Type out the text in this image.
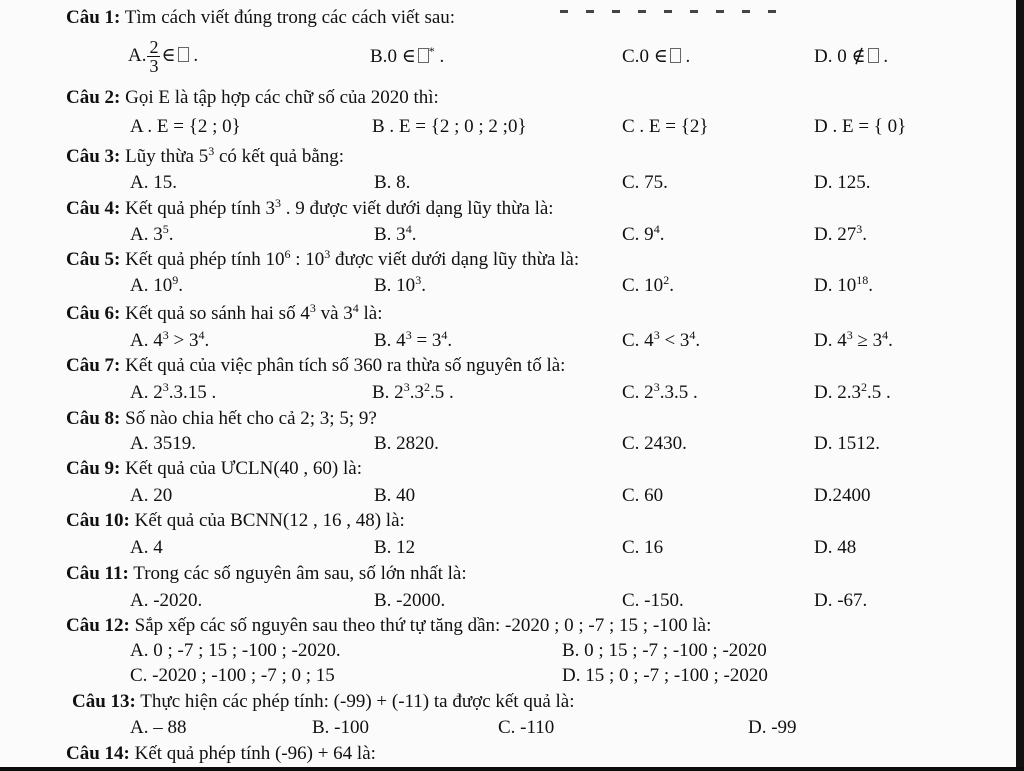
Câu 1: Tìm cách viết đúng trong các cách viết sau:
A. $\frac{2}{3}$ ∈ .	B.0 ∈ * .	C.0 ∈ .	D. 0 ∉ .
Câu 2: Gọi E là tập hợp các chữ số của 2020 thì:
A . E = {2 ; 0}	B . E = {2 ; 0 ; 2 ;0}	C . E = {2}	D . E = { 0}
Câu 3: Lũy thừa $5^3$ có kết quả bằng:
A. 15.	B. 8.	C. 75.	D. 125.
Câu 4: Kết quả phép tính $3^3$ . 9 được viết dưới dạng lũy thừa là:
A. $3^5$.	B. $3^4$.	C. $9^4$.	D. $27^3$.
Câu 5: Kết quả phép tính $10^6$ : $10^3$ được viết dưới dạng lũy thừa là:
A. $10^9$.	B. $10^3$.	C. $10^2$.	D. $10^{18}$.
Câu 6: Kết quả so sánh hai số $4^3$ và $3^4$ là:
A. $4^3 > 3^4$.	B. $4^3 = 3^4$.	C. $4^3 < 3^4$.	D. $4^3 \ge 3^4$.
Câu 7: Kết quả của việc phân tích số 360 ra thừa số nguyên tố là:
A. $2^3.3.15$ .	B. $2^3.3^2.5$ .	C. $2^3.3.5$ .	D. $2.3^2.5$ .
Câu 8: Số nào chia hết cho cả 2; 3; 5; 9?
A. 3519.	B. 2820.	C. 2430.	D. 1512.
Câu 9: Kết quả của ƯCLN(40 , 60) là:
A. 20	B. 40	C. 60	D.2400
Câu 10: Kết quả của BCNN(12 , 16 , 48) là:
A. 4	B. 12	C. 16	D. 48
Câu 11: Trong các số nguyên âm sau, số lớn nhất là:
A. -2020.	B. -2000.	C. -150.	D. -67.
Câu 12: Sắp xếp các số nguyên sau theo thứ tự tăng dần: -2020 ; 0 ; -7 ; 15 ; -100 là:
A. 0 ; -7 ; 15 ; -100 ; -2020.	B. 0 ; 15 ; -7 ; -100 ; -2020
C. -2020 ; -100 ; -7 ; 0 ; 15	D. 15 ; 0 ; -7 ; -100 ; -2020
Câu 13: Thực hiện các phép tính: (-99) + (-11) ta được kết quả là:
A. – 88	B. -100	C. -110	D. -99
Câu 14: Kết quả phép tính (-96) + 64 là:
